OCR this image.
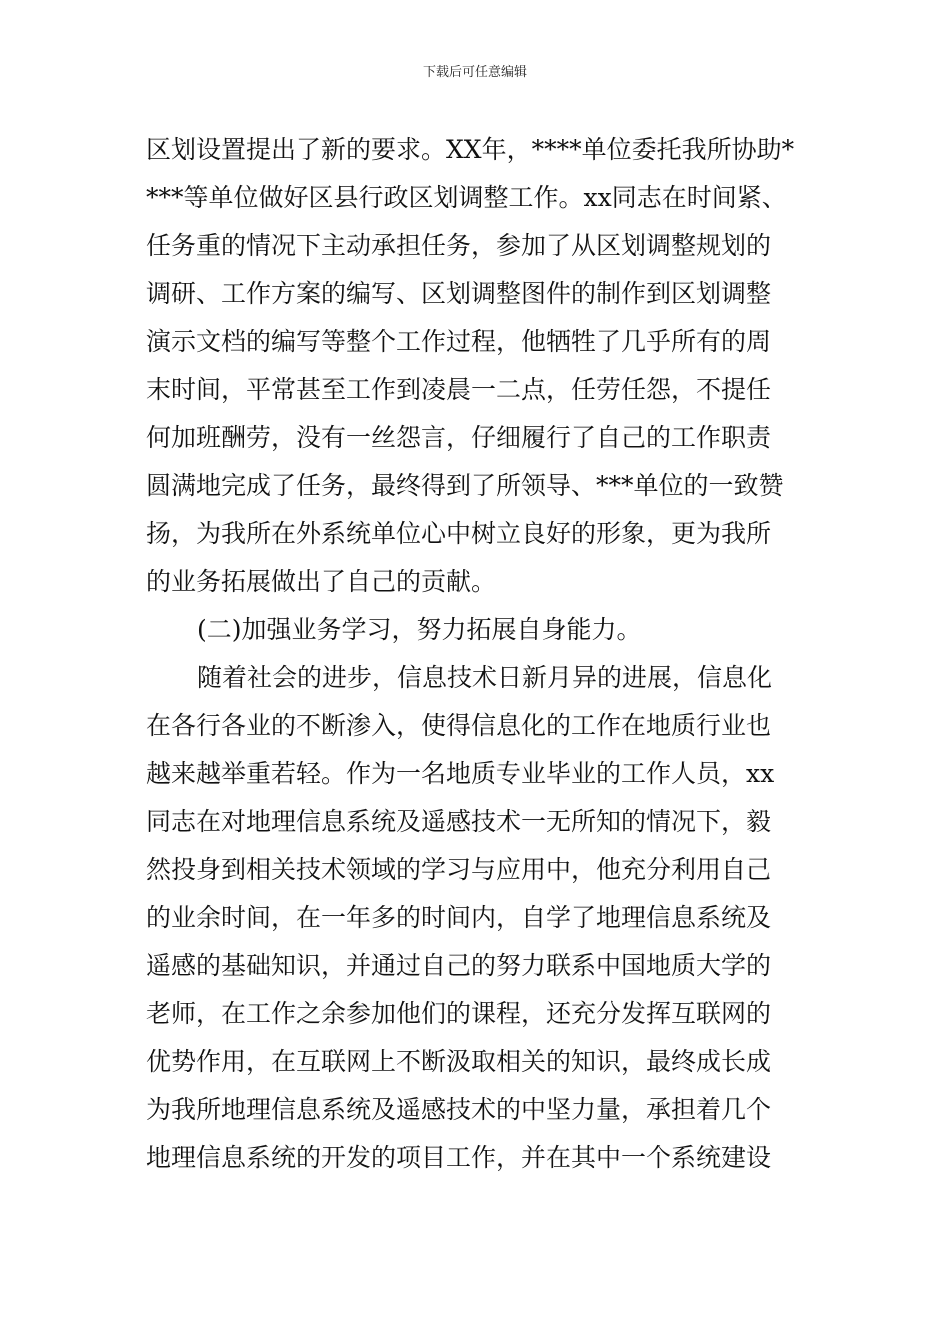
下载后可任意编辑
区划设置提出了新的要求。XX年，****单位委托我所协助*
***等单位做好区县行政区划调整工作。xx同志在时间紧、
任务重的情况下主动承担任务，参加了从区划调整规划的
调研、工作方案的编写、区划调整图件的制作到区划调整
演示文档的编写等整个工作过程，他牺牲了几乎所有的周
末时间，平常甚至工作到凌晨一二点，任劳任怨，不提任
何加班酬劳，没有一丝怨言，仔细履行了自己的工作职责
圆满地完成了任务，最终得到了所领导、***单位的一致赞
扬，为我所在外系统单位心中树立良好的形象，更为我所
的业务拓展做出了自己的贡献。
(二)加强业务学习，努力拓展自身能力。
随着社会的进步，信息技术日新月异的进展，信息化
在各行各业的不断渗入，使得信息化的工作在地质行业也
越来越举重若轻。作为一名地质专业毕业的工作人员，xx
同志在对地理信息系统及遥感技术一无所知的情况下，毅
然投身到相关技术领域的学习与应用中，他充分利用自己
的业余时间，在一年多的时间内，自学了地理信息系统及
遥感的基础知识，并通过自己的努力联系中国地质大学的
老师，在工作之余参加他们的课程，还充分发挥互联网的
优势作用，在互联网上不断汲取相关的知识，最终成长成
为我所地理信息系统及遥感技术的中坚力量，承担着几个
地理信息系统的开发的项目工作，并在其中一个系统建设
